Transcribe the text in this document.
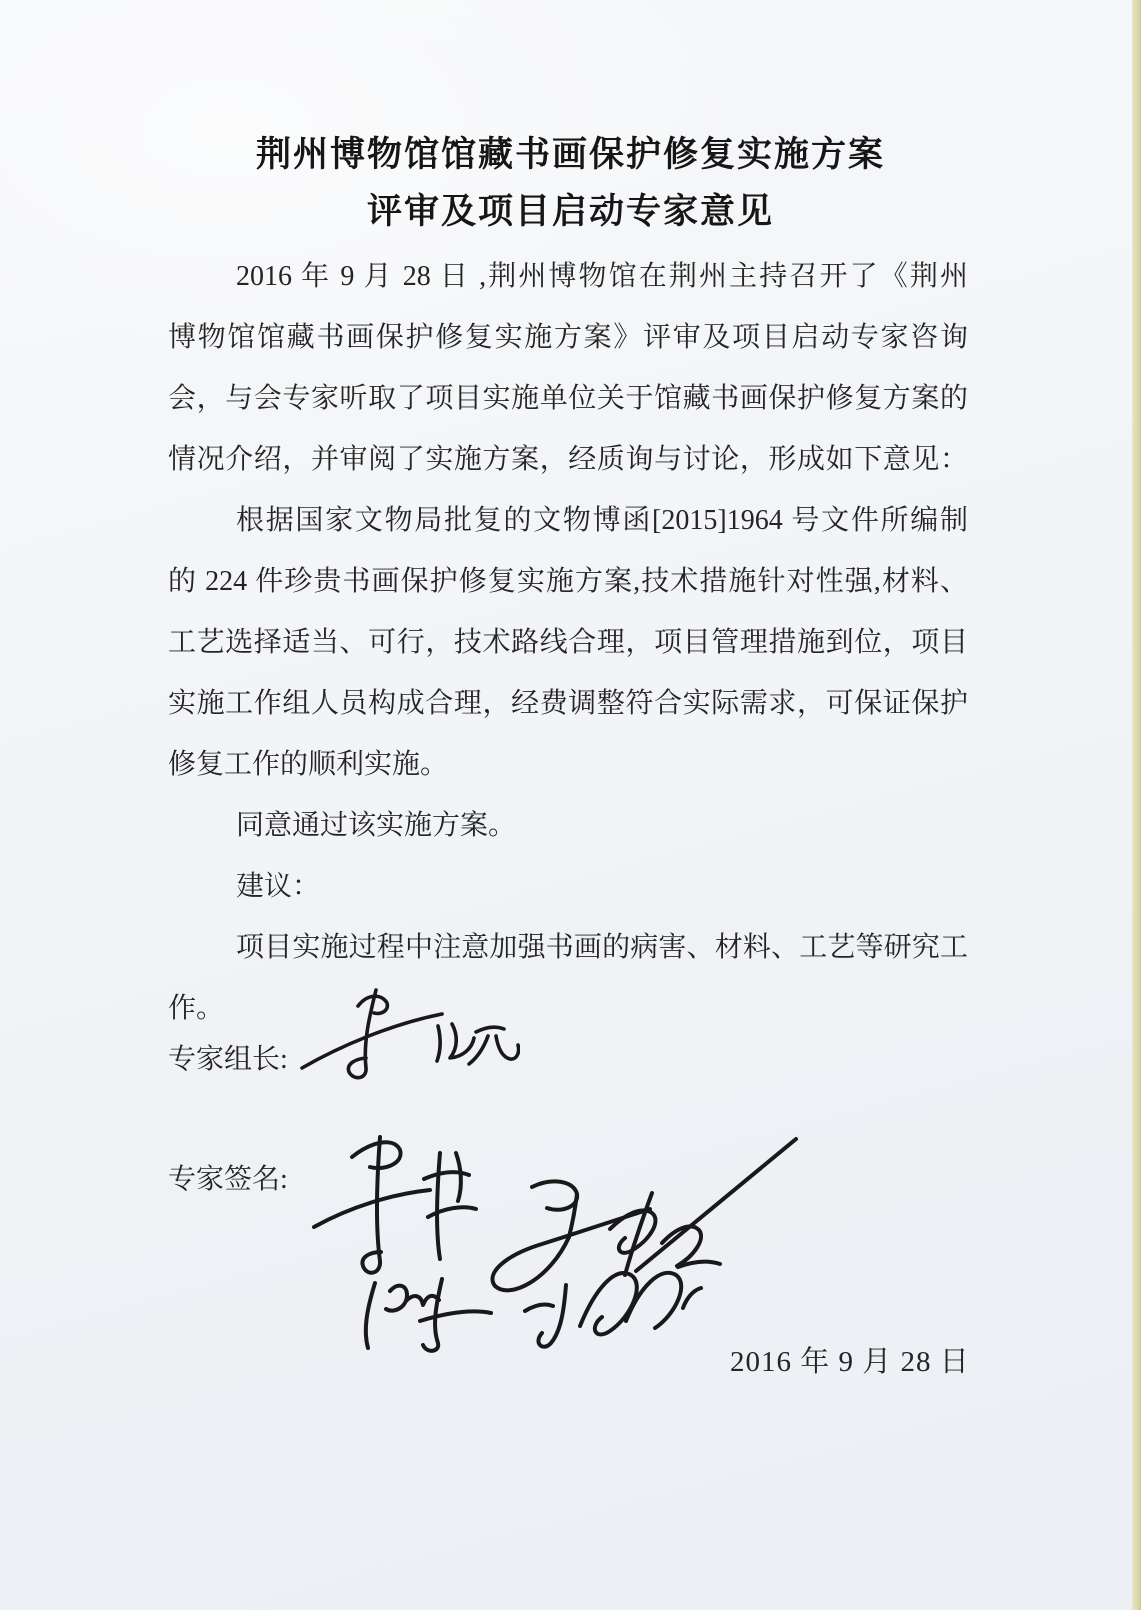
荆州博物馆馆藏书画保护修复实施方案
评审及项目启动专家意见
2016 年 9 月 28 日 ,荆州博物馆在荆州主持召开了《荆州
博物馆馆藏书画保护修复实施方案》评审及项目启动专家咨询
会，与会专家听取了项目实施单位关于馆藏书画保护修复方案的
情况介绍，并审阅了实施方案，经质询与讨论，形成如下意见：
根据国家文物局批复的文物博函[2015]1964 号文件所编制
的 224 件珍贵书画保护修复实施方案,技术措施针对性强,材料、
工艺选择适当、可行，技术路线合理，项目管理措施到位，项目
实施工作组人员构成合理，经费调整符合实际需求，可保证保护
修复工作的顺利实施。
同意通过该实施方案。
建议：
项目实施过程中注意加强书画的病害、材料、工艺等研究工
作。
专家组长:
专家签名:
2016 年 9 月 28 日
